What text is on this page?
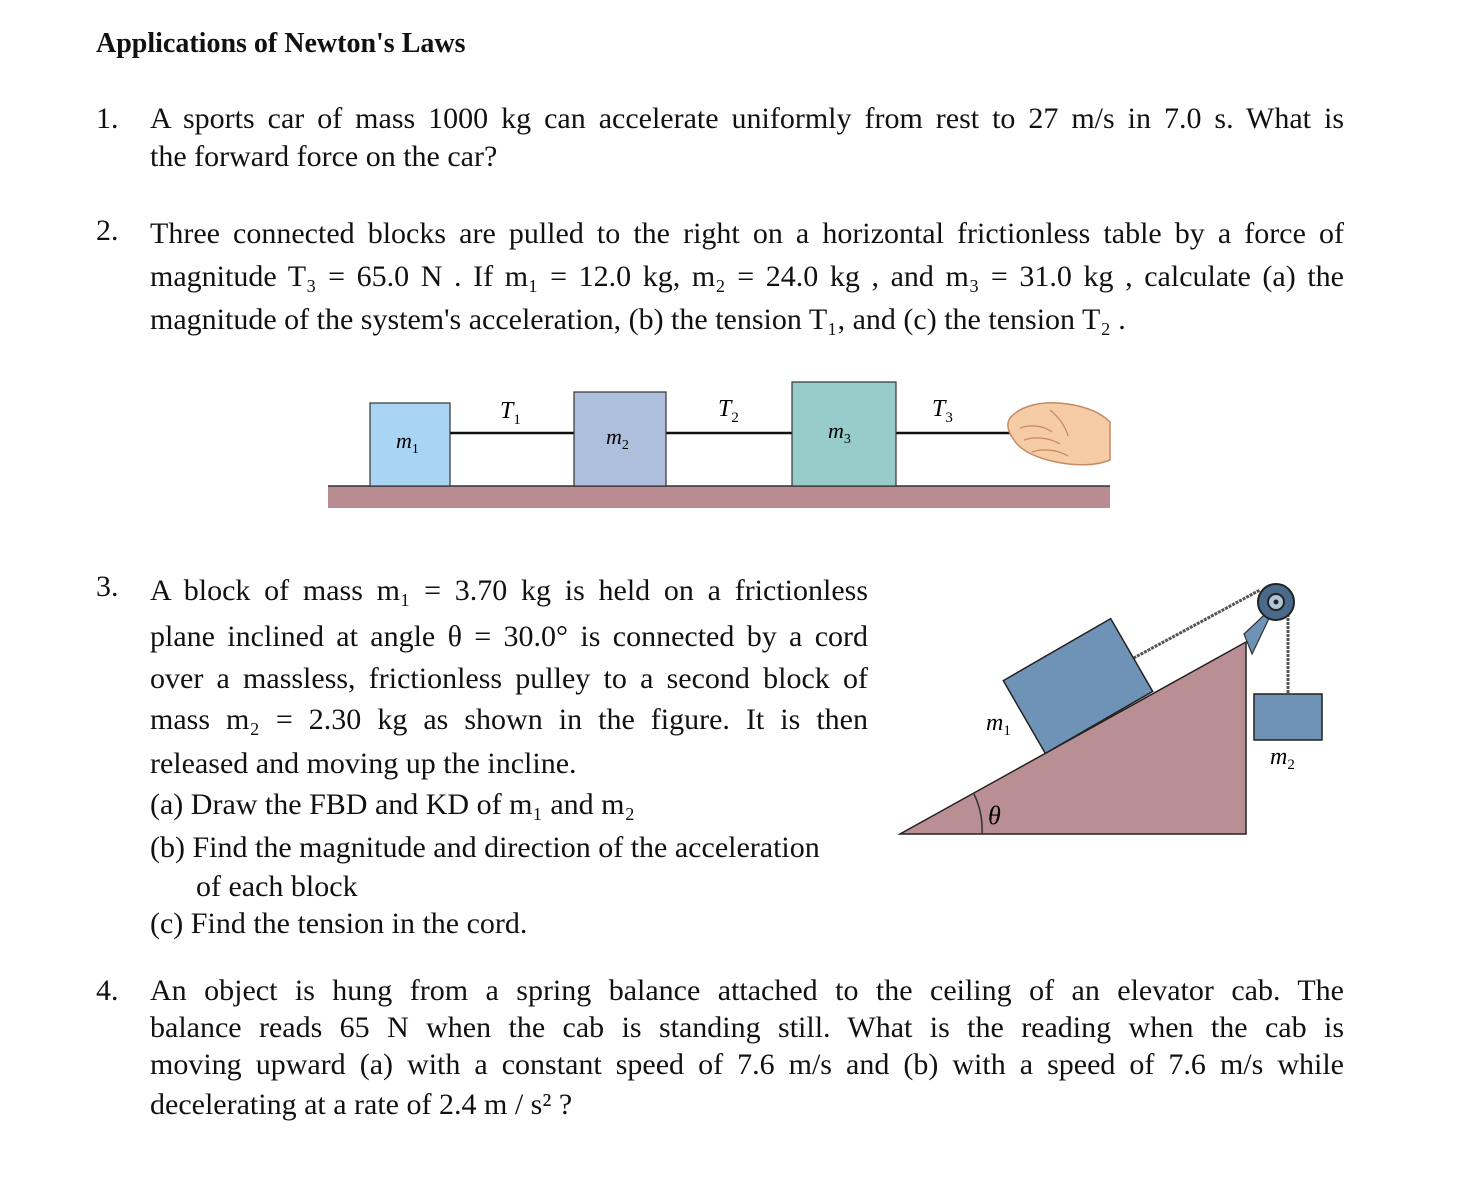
Applications of Newton's Laws
1. A sports car of mass 1000 kg can accelerate uniformly from rest to 27 m/s in 7.0 s. What is
the forward force on the car?
2. Three connected blocks are pulled to the right on a horizontal frictionless table by a force of
magnitude T₃ = 65.0 N . If m₁ = 12.0 kg, m₂ = 24.0 kg , and m₃ = 31.0 kg , calculate (a) the
magnitude of the system's acceleration, (b) the tension T₁, and (c) the tension T₂ .
$m_1$
$m_2$
$m_3$
$T_1$	$T_2$	$T_3$
3. A block of mass m₁ = 3.70 kg is held on a frictionless
plane inclined at angle θ = 30.0° is connected by a cord
over a massless, frictionless pulley to a second block of
mass m₂ = 2.30 kg as shown in the figure. It is then
released and moving up the incline.
(a) Draw the FBD and KD of m₁ and m₂
(b) Find the magnitude and direction of the acceleration
of each block
(c) Find the tension in the cord.
$m_1$
$m_2$
θ
4. An object is hung from a spring balance attached to the ceiling of an elevator cab. The
balance reads 65 N when the cab is standing still. What is the reading when the cab is
moving upward (a) with a constant speed of 7.6 m/s and (b) with a speed of 7.6 m/s while
decelerating at a rate of 2.4 m / s² ?
